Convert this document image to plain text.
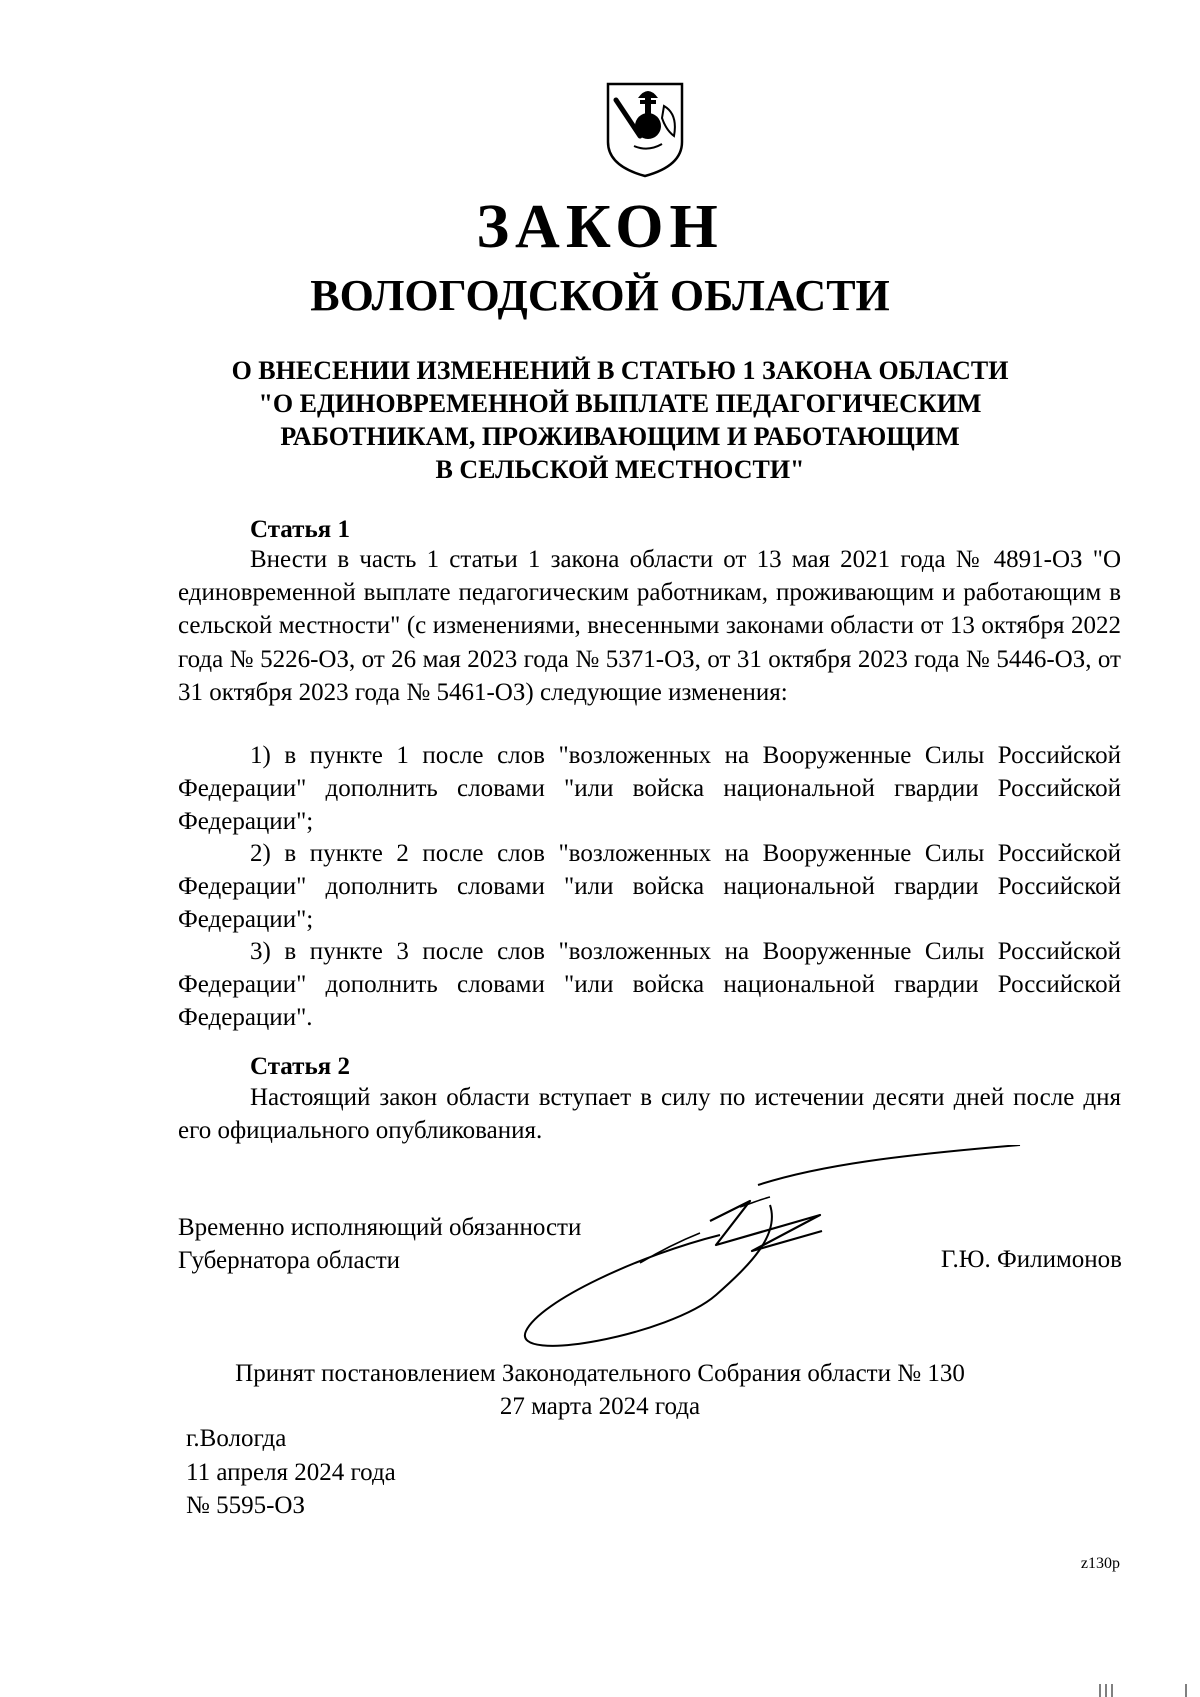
ЗАКОН
ВОЛОГОДСКОЙ ОБЛАСТИ
О ВНЕСЕНИИ ИЗМЕНЕНИЙ В СТАТЬЮ 1 ЗАКОНА ОБЛАСТИ
"О ЕДИНОВРЕМЕННОЙ ВЫПЛАТЕ ПЕДАГОГИЧЕСКИМ
РАБОТНИКАМ, ПРОЖИВАЮЩИМ И РАБОТАЮЩИМ
В СЕЛЬСКОЙ МЕСТНОСТИ"

Статья 1

Внести в часть 1 статьи 1 закона области от 13 мая 2021 года № 4891-ОЗ "О единовременной выплате педагогическим работникам, проживающим и работающим в сельской местности" (с изменениями, внесенными законами области от 13 октября 2022 года № 5226-ОЗ, от 26 мая 2023 года № 5371-ОЗ, от 31 октября 2023 года № 5446-ОЗ, от 31 октября 2023 года № 5461-ОЗ) следующие изменения:

1) в пункте 1 после слов "возложенных на Вооруженные Силы Российской Федерации" дополнить словами "или войска национальной гвардии Российской Федерации";

2) в пункте 2 после слов "возложенных на Вооруженные Силы Российской Федерации" дополнить словами "или войска национальной гвардии Российской Федерации";

3) в пункте 3 после слов "возложенных на Вооруженные Силы Российской Федерации" дополнить словами "или войска национальной гвардии Российской Федерации".

Статья 2

Настоящий закон области вступает в силу по истечении десяти дней после дня его официального опубликования.

Временно исполняющий обязанности
Губернатора области	Г.Ю. Филимонов

Принят постановлением Законодательного Собрания области № 130
27 марта 2024 года
г.Вологда
11 апреля 2024 года
№ 5595-ОЗ

z130p
